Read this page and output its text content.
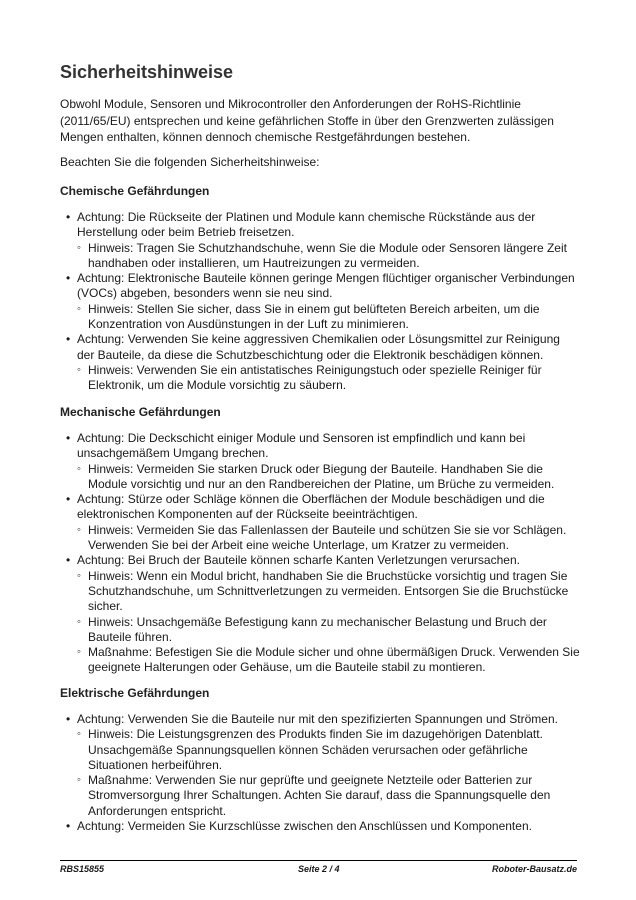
Sicherheitshinweise

Obwohl Module, Sensoren und Mikrocontroller den Anforderungen der RoHS-Richtlinie (2011/65/EU) entsprechen und keine gefährlichen Stoffe in über den Grenzwerten zulässigen Mengen enthalten, können dennoch chemische Restgefährdungen bestehen.

Beachten Sie die folgenden Sicherheitshinweise:

Chemische Gefährdungen
• Achtung: Die Rückseite der Platinen und Module kann chemische Rückstände aus der Herstellung oder beim Betrieb freisetzen.
◦ Hinweis: Tragen Sie Schutzhandschuhe, wenn Sie die Module oder Sensoren längere Zeit handhaben oder installieren, um Hautreizungen zu vermeiden.
• Achtung: Elektronische Bauteile können geringe Mengen flüchtiger organischer Verbindungen (VOCs) abgeben, besonders wenn sie neu sind.
◦ Hinweis: Stellen Sie sicher, dass Sie in einem gut belüfteten Bereich arbeiten, um die Konzentration von Ausdünstungen in der Luft zu minimieren.
• Achtung: Verwenden Sie keine aggressiven Chemikalien oder Lösungsmittel zur Reinigung der Bauteile, da diese die Schutzbeschichtung oder die Elektronik beschädigen können.
◦ Hinweis: Verwenden Sie ein antistatisches Reinigungstuch oder spezielle Reiniger für Elektronik, um die Module vorsichtig zu säubern.
Mechanische Gefährdungen
• Achtung: Die Deckschicht einiger Module und Sensoren ist empfindlich und kann bei unsachgemäßem Umgang brechen.
◦ Hinweis: Vermeiden Sie starken Druck oder Biegung der Bauteile. Handhaben Sie die Module vorsichtig und nur an den Randbereichen der Platine, um Brüche zu vermeiden.
• Achtung: Stürze oder Schläge können die Oberflächen der Module beschädigen und die elektronischen Komponenten auf der Rückseite beeinträchtigen.
◦ Hinweis: Vermeiden Sie das Fallenlassen der Bauteile und schützen Sie sie vor Schlägen. Verwenden Sie bei der Arbeit eine weiche Unterlage, um Kratzer zu vermeiden.
• Achtung: Bei Bruch der Bauteile können scharfe Kanten Verletzungen verursachen.
◦ Hinweis: Wenn ein Modul bricht, handhaben Sie die Bruchstücke vorsichtig und tragen Sie Schutzhandschuhe, um Schnittverletzungen zu vermeiden. Entsorgen Sie die Bruchstücke sicher.
◦ Hinweis: Unsachgemäße Befestigung kann zu mechanischer Belastung und Bruch der Bauteile führen.
◦ Maßnahme: Befestigen Sie die Module sicher und ohne übermäßigen Druck. Verwenden Sie geeignete Halterungen oder Gehäuse, um die Bauteile stabil zu montieren.
Elektrische Gefährdungen
• Achtung: Verwenden Sie die Bauteile nur mit den spezifizierten Spannungen und Strömen.
◦ Hinweis: Die Leistungsgrenzen des Produkts finden Sie im dazugehörigen Datenblatt. Unsachgemäße Spannungsquellen können Schäden verursachen oder gefährliche Situationen herbeiführen.
◦ Maßnahme: Verwenden Sie nur geprüfte und geeignete Netzteile oder Batterien zur Stromversorgung Ihrer Schaltungen. Achten Sie darauf, dass die Spannungsquelle den Anforderungen entspricht.
• Achtung: Vermeiden Sie Kurzschlüsse zwischen den Anschlüssen und Komponenten.
RBS15855	Seite 2 / 4	Roboter-Bausatz.de
